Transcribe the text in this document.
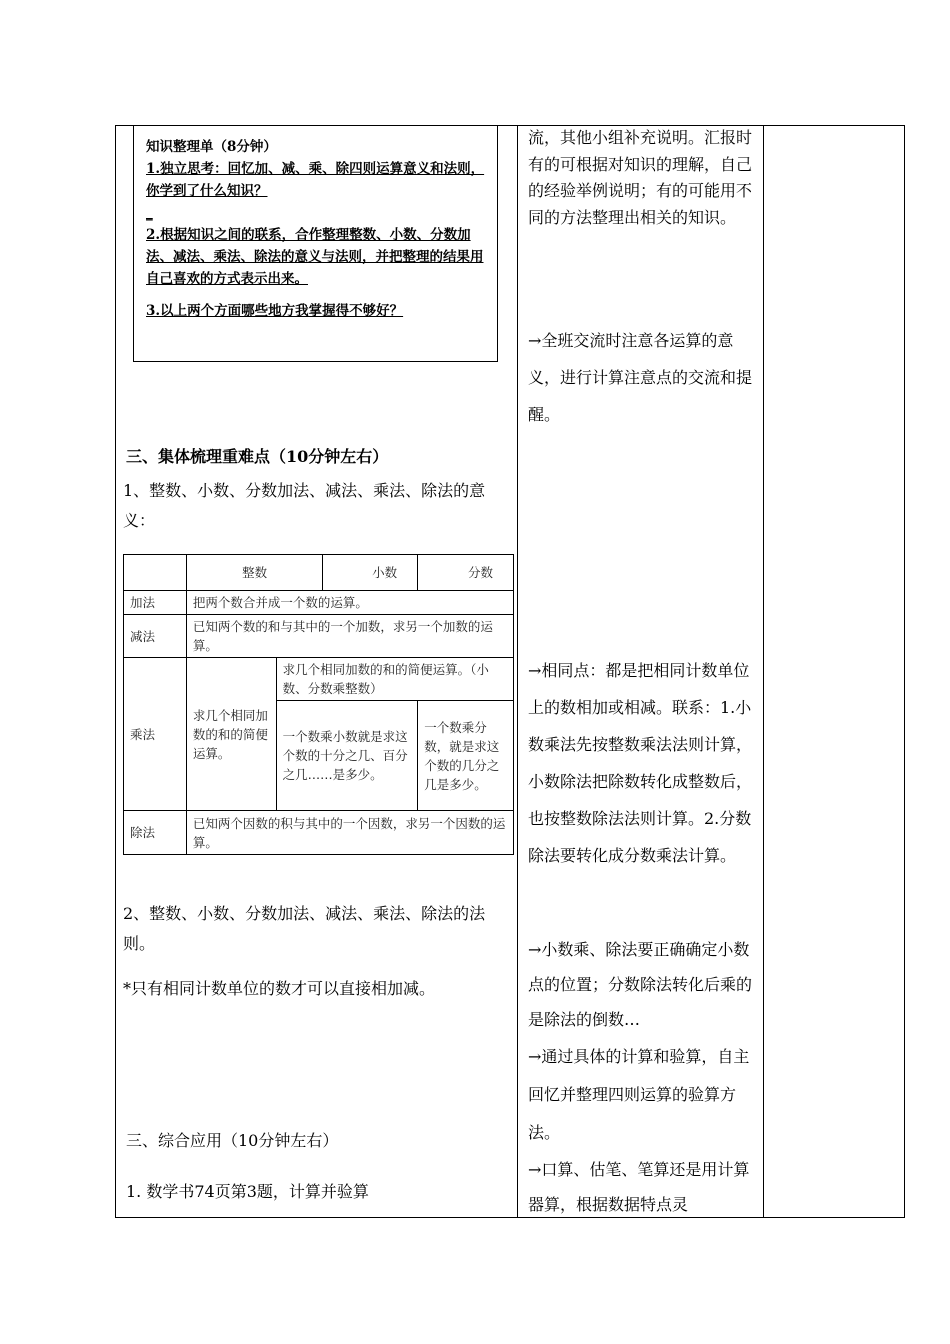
知识整理单（8分钟）

1.独立思考：回忆加、减、乘、除四则运算意义和法则，你学到了什么知识？

_

2.根据知识之间的联系，合作整理整数、小数、分数加法、减法、乘法、除法的意义与法则，并把整理的结果用自己喜欢的方式表示出来。

3.以上两个方面哪些地方我掌握得不够好？

三、集体梳理重难点（10分钟左右）
1、整数、小数、分数加法、减法、乘法、除法的意义：
	整数		小数	分数
加法	把两个数合并成一个数的运算。			
减法	已知两个数的和与其中的一个加数，求另一个加数的运算。			
乘法	求几个相同加数的和的简便运算。	求几个相同加数的和的简便运算。（小数、分数乘整数）		
		一个数乘小数就是求这个数的十分之几、百分之几……是多少。		一个数乘分数，就是求这个数的几分之几是多少。
除法	已知两个因数的积与其中的一个因数，求另一个因数的运算。			
2、整数、小数、分数加法、减法、乘法、除法的法则。
*只有相同计数单位的数才可以直接相加减。
三、综合应用（10分钟左右）
1. 数学书74页第3题，计算并验算
流，其他小组补充说明。汇报时有的可根据对知识的理解，自己的经验举例说明；有的可能用不同的方法整理出相关的知识。
→全班交流时注意各运算的意义，进行计算注意点的交流和提醒。
→相同点：都是把相同计数单位上的数相加或相减。联系：1.小数乘法先按整数乘法法则计算，小数除法把除数转化成整数后，也按整数除法法则计算。2.分数除法要转化成分数乘法计算。
→小数乘、除法要正确确定小数点的位置；分数除法转化后乘的是除法的倒数…
→通过具体的计算和验算，自主回忆并整理四则运算的验算方法。
→口算、估笔、笔算还是用计算器算，根据数据特点灵
